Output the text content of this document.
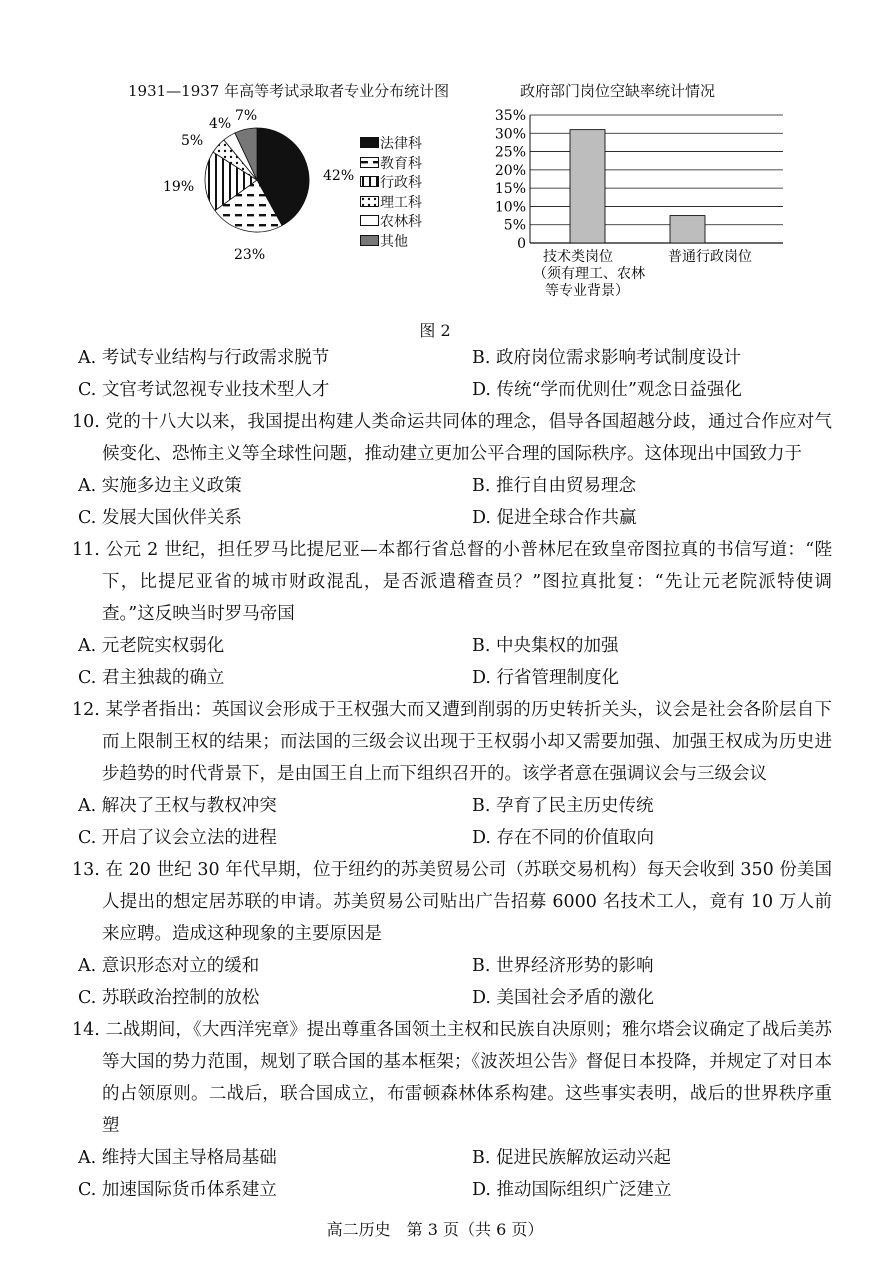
1931—1937 年高等考试录取者专业分布统计图
42%
23%
19%
5%
4% 7%
法律科
教育科
行政科
理工科
农林科
其他
政府部门岗位空缺率统计情况
35%
30%
25%
20%
15%
10%
5%
0
技术类岗位
（须有理工、农林
等专业背景）
普通行政岗位
图 2
A. 考试专业结构与行政需求脱节	B. 政府岗位需求影响考试制度设计
C. 文官考试忽视专业技术型人才	D. 传统“学而优则仕”观念日益强化
10. 党的十八大以来，我国提出构建人类命运共同体的理念，倡导各国超越分歧，通过合作应对气候变化、恐怖主义等全球性问题，推动建立更加公平合理的国际秩序。这体现出中国致力于
A. 实施多边主义政策	B. 推行自由贸易理念
C. 发展大国伙伴关系	D. 促进全球合作共赢
11. 公元 2 世纪，担任罗马比提尼亚—本都行省总督的小普林尼在致皇帝图拉真的书信写道：“陛下，比提尼亚省的城市财政混乱，是否派遣稽查员？”图拉真批复：“先让元老院派特使调查。”这反映当时罗马帝国
A. 元老院实权弱化	B. 中央集权的加强
C. 君主独裁的确立	D. 行省管理制度化
12. 某学者指出：英国议会形成于王权强大而又遭到削弱的历史转折关头，议会是社会各阶层自下而上限制王权的结果；而法国的三级会议出现于王权弱小却又需要加强、加强王权成为历史进步趋势的时代背景下，是由国王自上而下组织召开的。该学者意在强调议会与三级会议
A. 解决了王权与教权冲突	B. 孕育了民主历史传统
C. 开启了议会立法的进程	D. 存在不同的价值取向
13. 在 20 世纪 30 年代早期，位于纽约的苏美贸易公司（苏联交易机构）每天会收到 350 份美国人提出的想定居苏联的申请。苏美贸易公司贴出广告招募 6000 名技术工人，竟有 10 万人前来应聘。造成这种现象的主要原因是
A. 意识形态对立的缓和	B. 世界经济形势的影响
C. 苏联政治控制的放松	D. 美国社会矛盾的激化
14. 二战期间，《大西洋宪章》提出尊重各国领土主权和民族自决原则；雅尔塔会议确定了战后美苏等大国的势力范围，规划了联合国的基本框架；《波茨坦公告》督促日本投降，并规定了对日本的占领原则。二战后，联合国成立，布雷顿森林体系构建。这些事实表明，战后的世界秩序重塑
A. 维持大国主导格局基础	B. 促进民族解放运动兴起
C. 加速国际货币体系建立	D. 推动国际组织广泛建立
高二历史　第 3 页（共 6 页）
